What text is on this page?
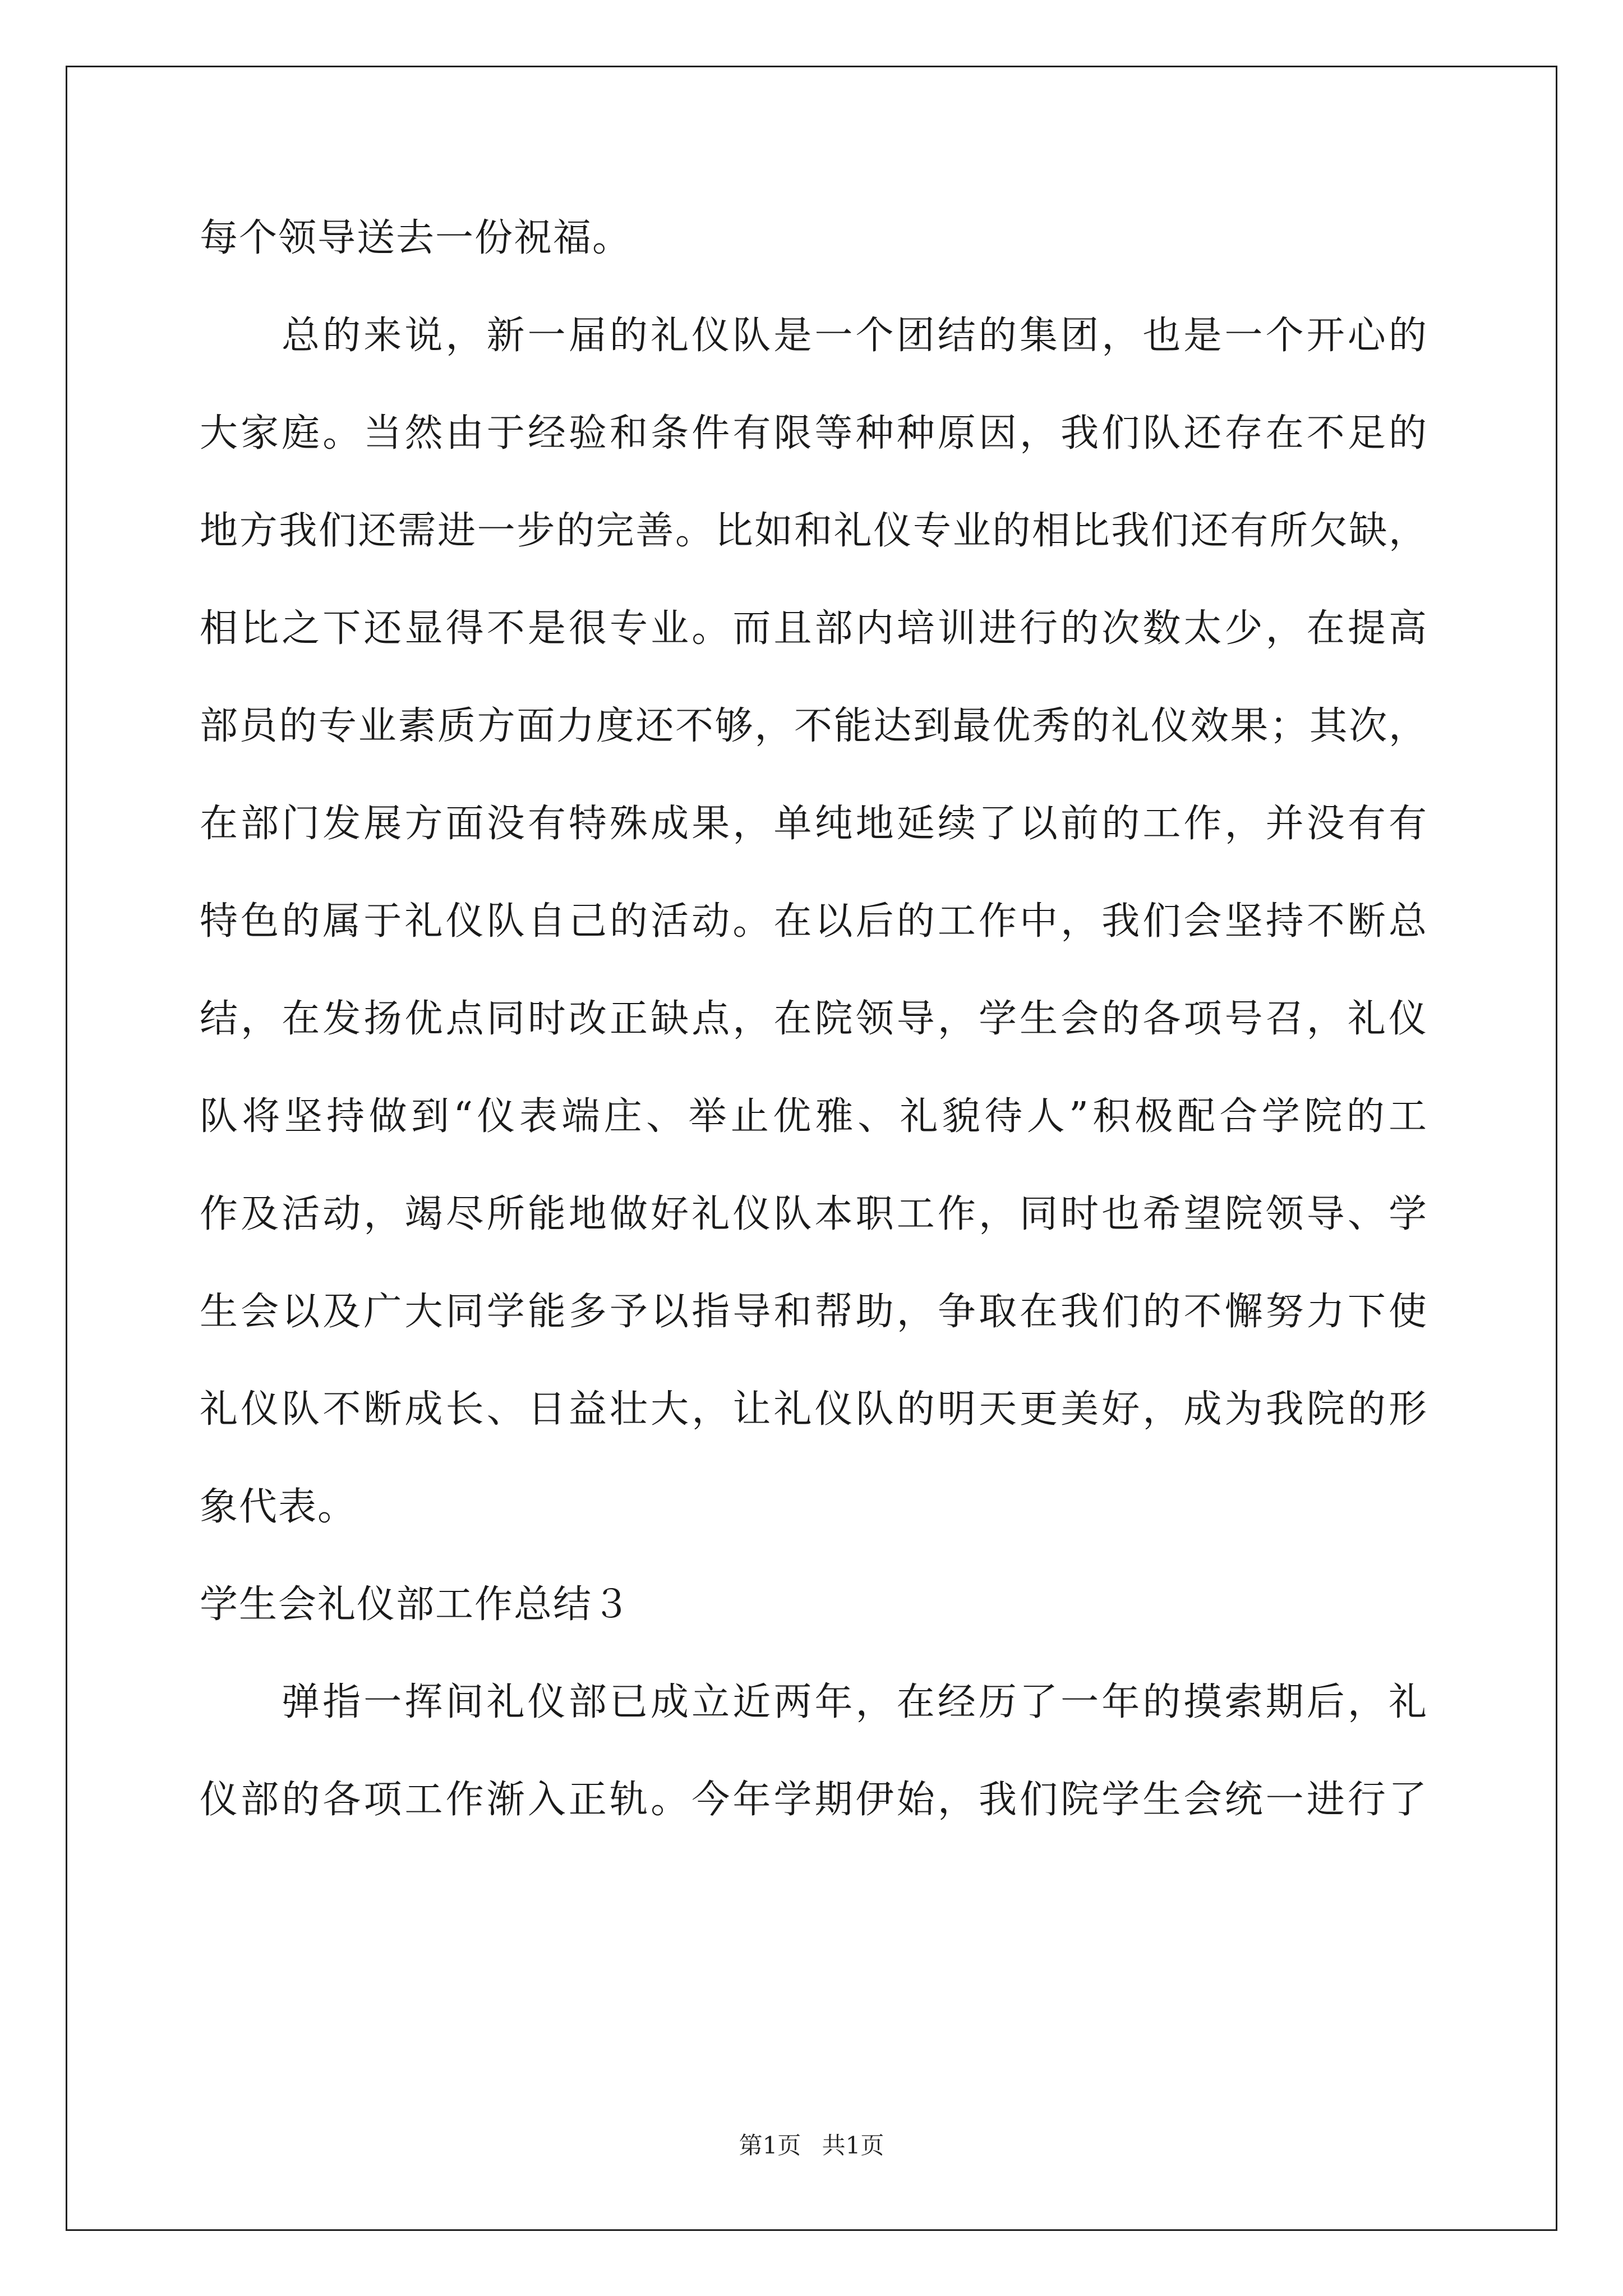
每个领导送去一份祝福。
总的来说，新一届的礼仪队是一个团结的集团，也是一个开心的
大家庭。当然由于经验和条件有限等种种原因，我们队还存在不足的
地方我们还需进一步的完善。比如和礼仪专业的相比我们还有所欠缺，
相比之下还显得不是很专业。而且部内培训进行的次数太少，在提高
部员的专业素质方面力度还不够，不能达到最优秀的礼仪效果；其次，
在部门发展方面没有特殊成果，单纯地延续了以前的工作，并没有有
特色的属于礼仪队自己的活动。在以后的工作中，我们会坚持不断总
结，在发扬优点同时改正缺点，在院领导，学生会的各项号召，礼仪
队将坚持做到“仪表端庄、举止优雅、礼貌待人”积极配合学院的工
作及活动，竭尽所能地做好礼仪队本职工作，同时也希望院领导、学
生会以及广大同学能多予以指导和帮助，争取在我们的不懈努力下使
礼仪队不断成长、日益壮大，让礼仪队的明天更美好，成为我院的形
象代表。
学生会礼仪部工作总结３
弹指一挥间礼仪部已成立近两年，在经历了一年的摸索期后，礼
仪部的各项工作渐入正轨。今年学期伊始，我们院学生会统一进行了
第1页 共1页
